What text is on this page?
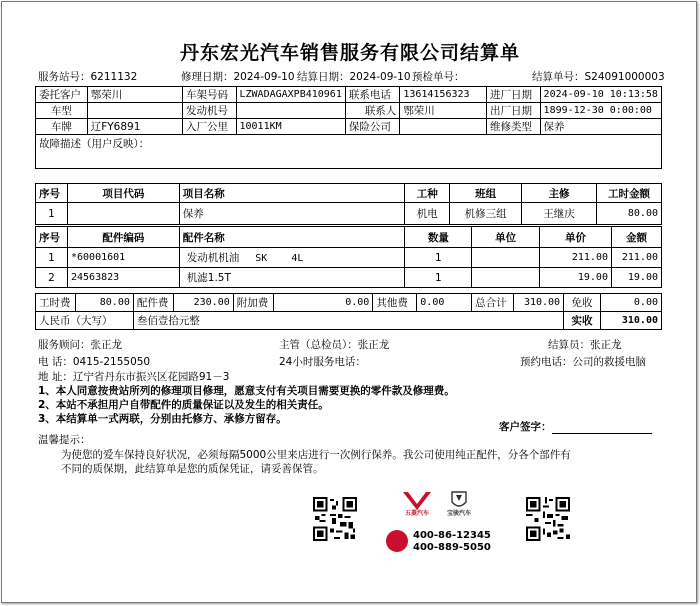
丹东宏光汽车销售服务有限公司结算单
服务站号：6211132	修理日期：2024-09-10 结算日期：2024-09-10 预检单号：	结算单号：S24091000003
委托客户	鄂荣川	车架号码	LZWADAGAXPB410961	联系电话	13614156323	进厂日期	2024-09-10 10:13:58
车型		发动机号		联系人	鄂荣川	出厂日期	1899-12-30 0:00:00
车牌	辽FY6891	入厂公里	10011KM	保险公司		维修类型	保养
故障描述（用户反映）：							
序号	项目代码	项目名称	工种	班组	主修	工时金额
1		保养	机电	机修三组	王继庆	80.00
序号	配件编码	配件名称	数量	单位	单价	金额
1	*60001601	发动机机油 SK    4L	1		211.00	211.00
2	24563823	机滤1.5T	1		19.00	19.00
工时费	80.00	配件费	230.00	附加费	0.00	其他费	0.00	总合计	310.00	免收	0.00
人民币（大写）		叁佰壹拾元整								实收	310.00
服务顾问：张正龙	主管（总检员）：张正龙	结算员：张正龙
电 话：0415-2155050	24小时服务电话：	预约电话：公司的救援电脑
地 址：辽宁省丹东市振兴区花园路91－3
1、本人同意按贵站所列的修理项目修理，愿意支付有关项目需要更换的零件款及修理费。
2、本站不承担用户自带配件的质量保证以及发生的相关责任。
3、本结算单一式两联，分别由托修方、承修方留存。
客户签字：
温馨提示：
为使您的爱车保持良好状况，必须每隔5000公里来店进行一次例行保养。我公司使用纯正配件，分各个部件有
不同的质保期，此结算单是您的质保凭证，请妥善保管。
五菱汽车	宝骏汽车
400-86-12345
400-889-5050
